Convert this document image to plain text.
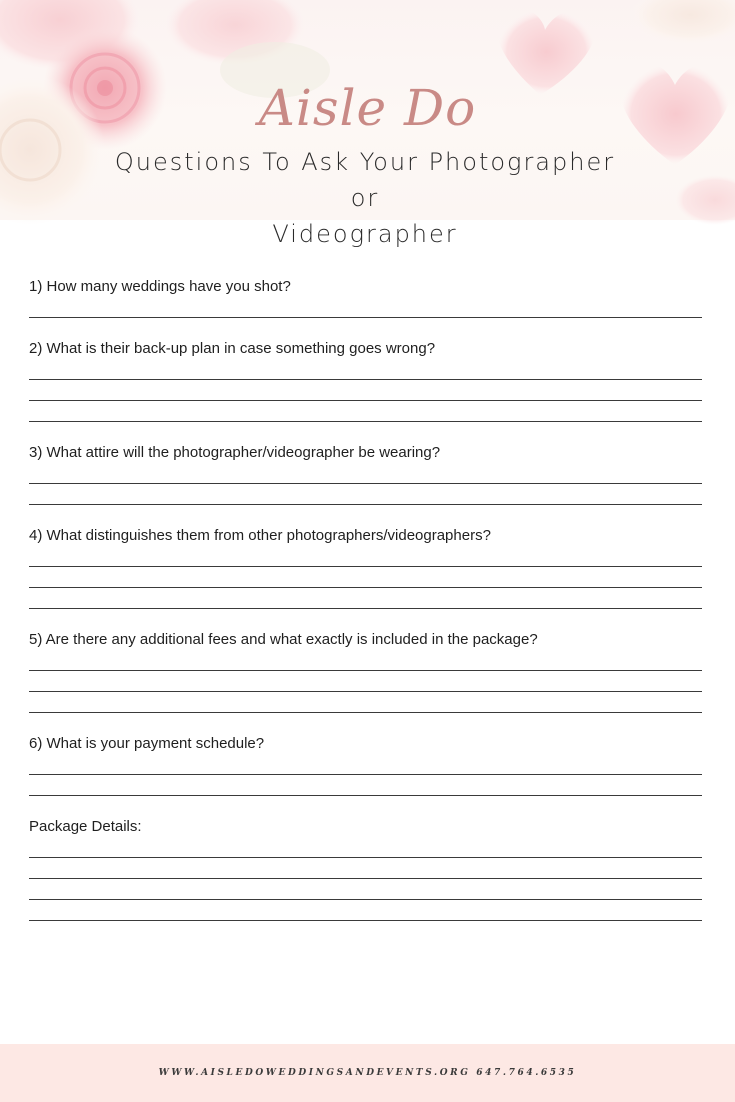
Aisle Do
Questions To Ask Your Photographer or
Videographer
1) How many weddings have you shot?
2) What is their back-up plan in case something goes wrong?
3) What attire will the photographer/videographer be wearing?
4) What distinguishes them from other photographers/videographers?
5) Are there any additional fees and what exactly is included in the package?
6) What is your payment schedule?
Package Details:
WWW.AISLEDOWEDDINGSANDEVENTS.ORG 647.764.6535
